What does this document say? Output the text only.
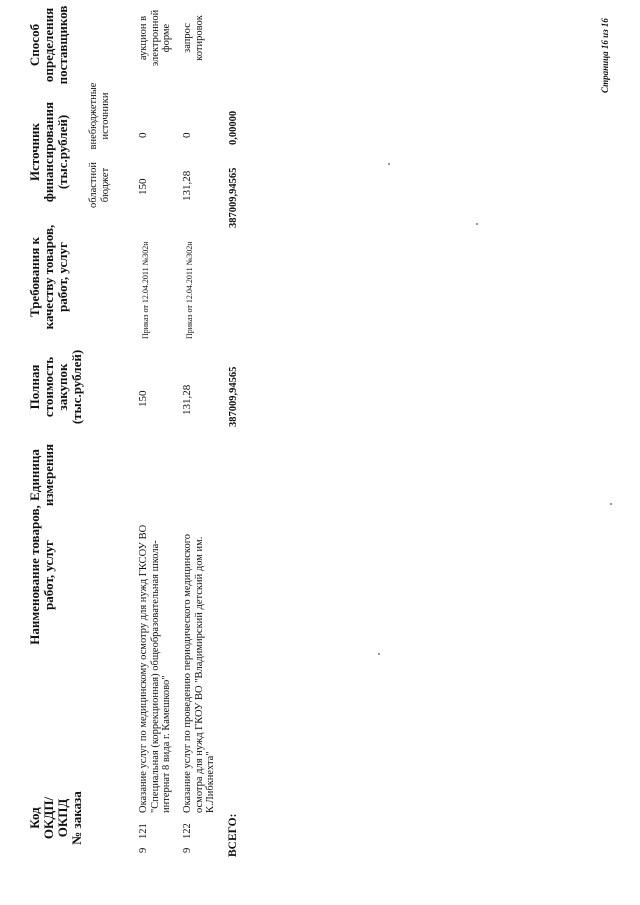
Код ОКДП/ ОКПД № заказа
Наименование товаров, работ, услуг
Единица измерения
Полная стоимость закупок (тыс.рублей)
Требования к качеству товаров, работ, услуг
Источник финансирования (тыс.рублей) областной бюджет
внебюджетные источники
Способ определения поставщиков
9
121
Оказание услуг по медицинскому осмотру для нужд ГКСОУ ВО "Специальная (коррекционная) общеобразовательная школа- интернат 8 вида г. Камешково"
150
Приказ от 12.04.2011 №302н
150
0
аукцион в электронной форме
9
122
Оказание услуг по проведению периодического медицинского осмотра для нужд ГКОУ ВО "Владимирский детский дом им. К.Либкнехта"
131,28
Приказ от 12.04.2011 №302н
131,28
0
запрос котировок
ВСЕГО:
387009,94565
387009,94565
0,00000
Страница 16 из 16
